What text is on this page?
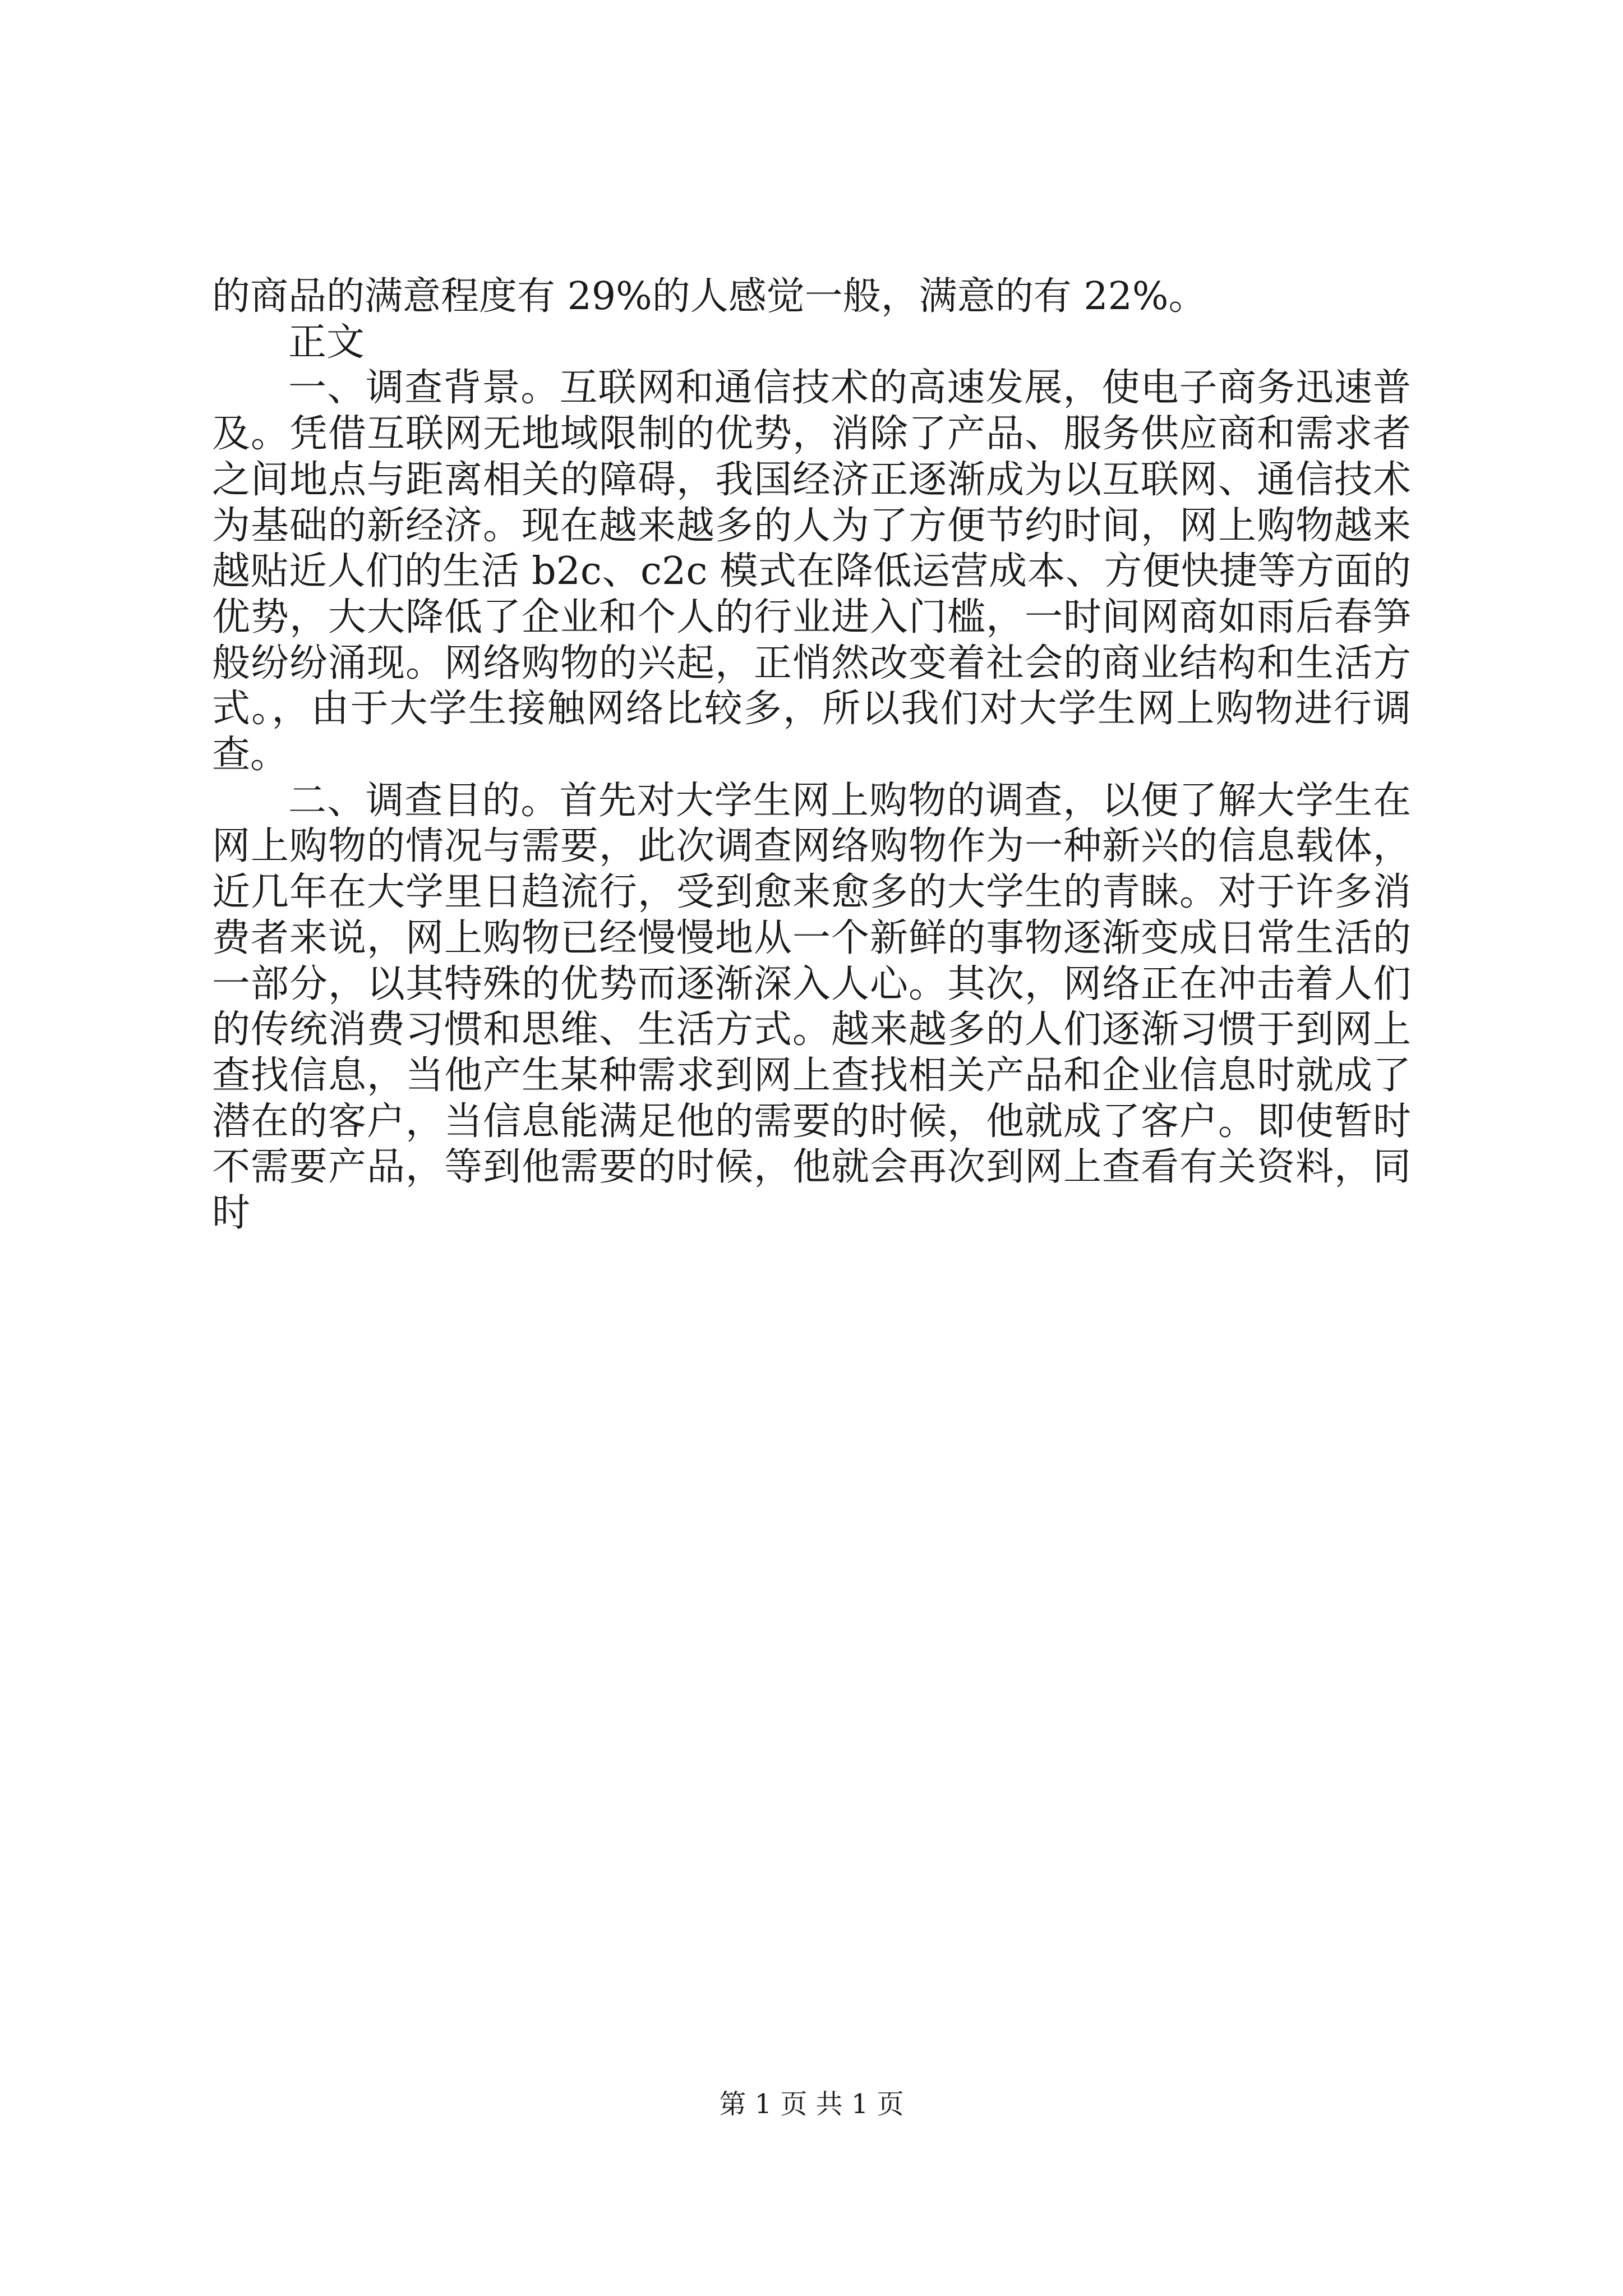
的商品的满意程度有 29%的人感觉一般，满意的有 22%。

正文

一、调查背景。互联网和通信技术的高速发展，使电子商务迅速普及。凭借互联网无地域限制的优势，消除了产品、服务供应商和需求者之间地点与距离相关的障碍，我国经济正逐渐成为以互联网、通信技术为基础的新经济。现在越来越多的人为了方便节约时间，网上购物越来越贴近人们的生活 b2c、c2c 模式在降低运营成本、方便快捷等方面的优势，大大降低了企业和个人的行业进入门槛，一时间网商如雨后春笋般纷纷涌现。网络购物的兴起，正悄然改变着社会的商业结构和生活方式。，由于大学生接触网络比较多，所以我们对大学生网上购物进行调查。

二、调查目的。首先对大学生网上购物的调查，以便了解大学生在网上购物的情况与需要，此次调查网络购物作为一种新兴的信息载体，近几年在大学里日趋流行，受到愈来愈多的大学生的青睐。对于许多消费者来说，网上购物已经慢慢地从一个新鲜的事物逐渐变成日常生活的一部分，以其特殊的优势而逐渐深入人心。其次，网络正在冲击着人们的传统消费习惯和思维、生活方式。越来越多的人们逐渐习惯于到网上查找信息，当他产生某种需求到网上查找相关产品和企业信息时就成了潜在的客户，当信息能满足他的需要的时候，他就成了客户。即使暂时不需要产品，等到他需要的时候，他就会再次到网上查看有关资料，同时

第 1 页 共 1 页
